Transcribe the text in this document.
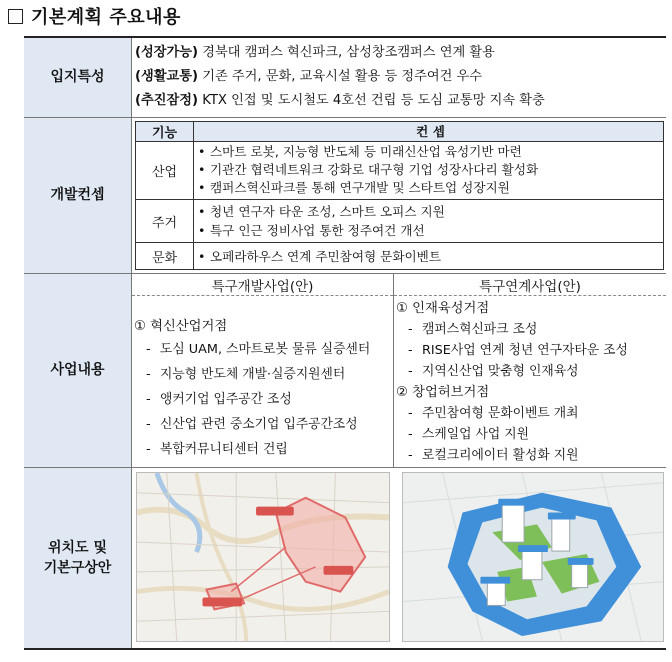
기본계획 주요내용
입지특성
(성장가능) 경북대 캠퍼스 혁신파크, 삼성창조캠퍼스 연계 활용
(생활교통) 기존 주거, 문화, 교육시설 활용 등 정주여건 우수
(추진잠정) KTX 인접 및 도시철도 4호선 건립 등 도심 교통망 지속 확충
개발컨셉
기능	컨 셉
산업
• 스마트 로봇, 지능형 반도체 등 미래신산업 육성기반 마련
• 기관간 협력네트워크 강화로 대구형 기업 성장사다리 활성화
• 캠퍼스혁신파크를 통해 연구개발 및 스타트업 성장지원
주거
• 청년 연구자 타운 조성, 스마트 오피스 지원
• 특구 인근 정비사업 통한 정주여건 개선
문화
•	오페라하우스 연계 주민참여형 문화이벤트
사업내용
특구개발사업(안)
① 혁신산업거점
- 도심 UAM, 스마트로봇 물류 실증센터
- 지능형 반도체 개발·실증지원센터
- 앵커기업 입주공간 조성
- 신산업 관련 중소기업 입주공간조성
- 복합커뮤니티센터 건립
특구연계사업(안)
① 인재육성거점
- 캠퍼스혁신파크 조성
- RISE사업 연계 청년 연구자타운 조성
- 지역신산업 맞춤형 인재육성
② 창업허브거점
- 주민참여형 문화이벤트 개최
- 스케일업 사업 지원
- 로컬크리에이터 활성화 지원
위치도 및
기본구상안
